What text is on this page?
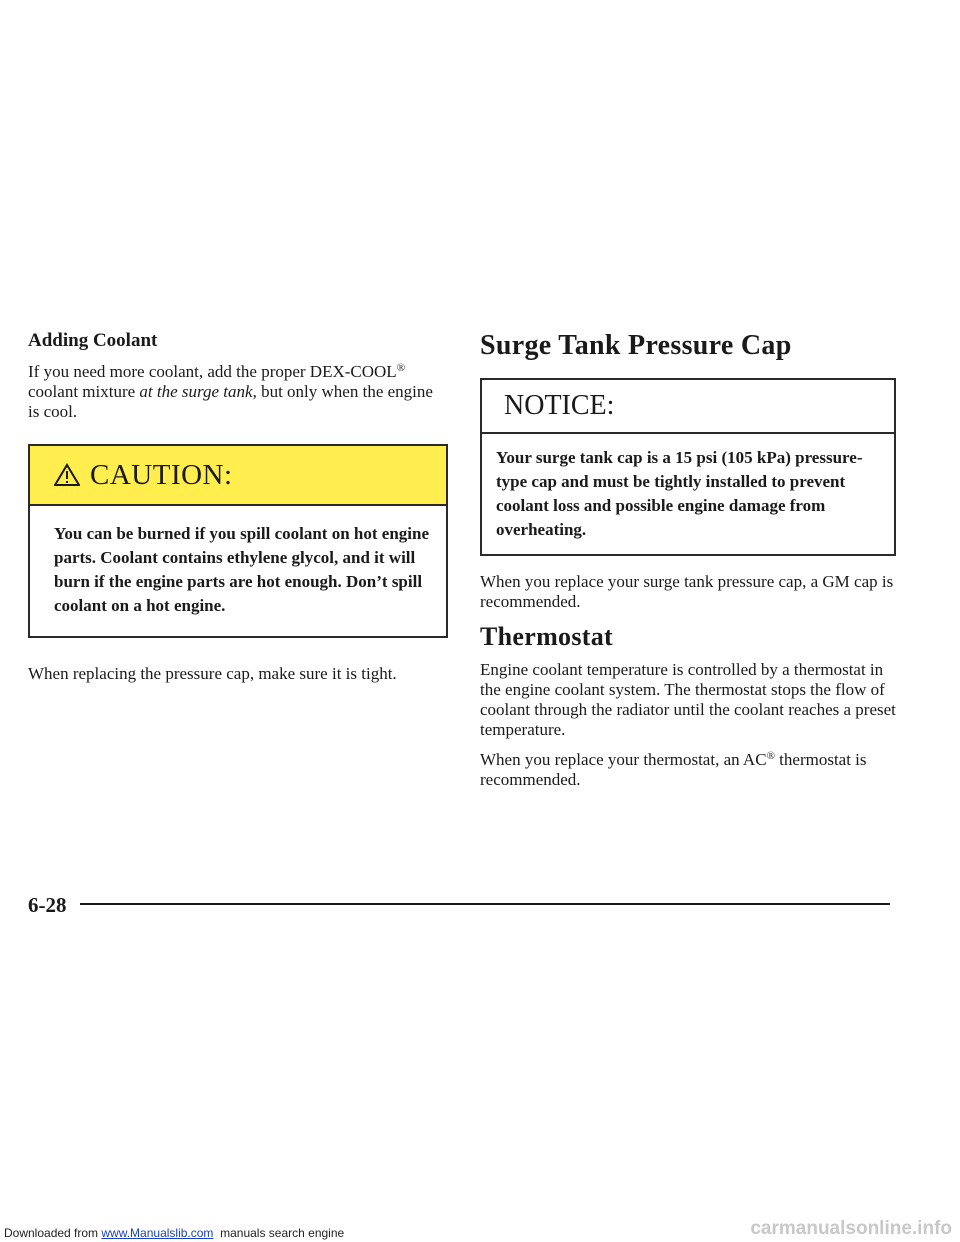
Adding Coolant

If you need more coolant, add the proper DEX-COOL® coolant mixture at the surge tank, but only when the engine is cool.

CAUTION:
You can be burned if you spill coolant on hot engine parts. Coolant contains ethylene glycol, and it will burn if the engine parts are hot enough. Don’t spill coolant on a hot engine.

When replacing the pressure cap, make sure it is tight.

Surge Tank Pressure Cap
NOTICE:
Your surge tank cap is a 15 psi (105 kPa) pressure-type cap and must be tightly installed to prevent coolant loss and possible engine damage from overheating.

When you replace your surge tank pressure cap, a GM cap is recommended.

Thermostat

Engine coolant temperature is controlled by a thermostat in the engine coolant system. The thermostat stops the flow of coolant through the radiator until the coolant reaches a preset temperature.

When you replace your thermostat, an AC® thermostat is recommended.

6-28
Downloaded from www.Manualslib.com  manuals search engine	carmanualsonline.info
